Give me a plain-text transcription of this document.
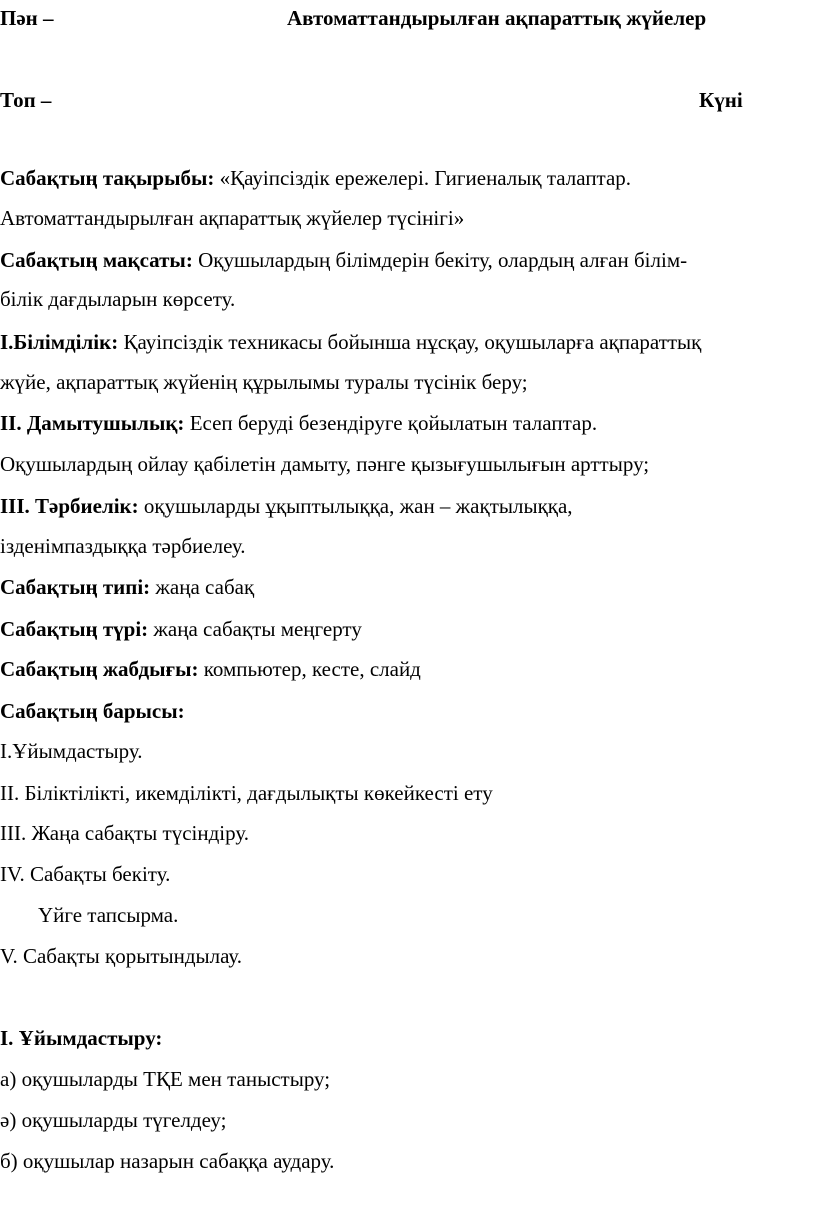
Пән –	Автоматтандырылған ақпараттық жүйелер
Топ –	Күні
Сабақтың тақырыбы: «Қауіпсіздік ережелері. Гигиеналық талаптар.
Автоматтандырылған ақпараттық жүйелер түсінігі»
Сабақтың мақсаты: Оқушылардың білімдерін бекіту, олардың алған білім-
білік дағдыларын көрсету.
І.Білімділік: Қауіпсіздік техникасы бойынша нұсқау, оқушыларға ақпараттық
жүйе, ақпараттық жүйенің құрылымы туралы түсінік беру;
ІІ. Дамытушылық: Есеп беруді безендіруге қойылатын талаптар.
Оқушылардың ойлау қабілетін дамыту, пәнге қызығушылығын арттыру;
ІІІ. Тәрбиелік: оқушыларды ұқыптылыққа, жан – жақтылыққа,
ізденімпаздыққа тәрбиелеу.
Сабақтың типі: жаңа сабақ
Сабақтың түрі: жаңа сабақты меңгерту
Сабақтың жабдығы: компьютер, кесте, слайд
Сабақтың барысы:
І.Ұйымдастыру.
ІІ. Біліктілікті, икемділікті, дағдылықты көкейкесті ету
ІІІ. Жаңа сабақты түсіндіру.
ІV. Сабақты бекіту.
Үйге тапсырма.
V. Сабақты қорытындылау.
І. Ұйымдастыру:
а) оқушыларды ТҚЕ мен таныстыру;
ә) оқушыларды түгелдеу;
б) оқушылар назарын сабаққа аудару.
